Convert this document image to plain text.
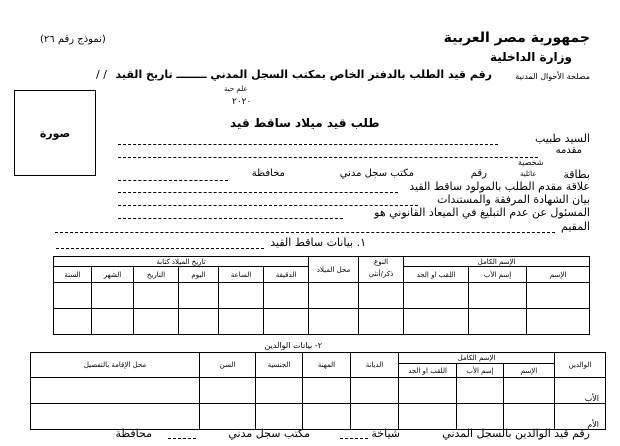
جمهورية مصر العربية
وزارة الداخلية
(نموذج رقم ٢٦)
مصلحة الأحوال المدنية
رقم قيد الطلب بالدفتر الخاص بمكتب السجل المدني ــــــــ تاريخ القيد
/ /
علم حية
٢٠٢٠
صورة
طلب قيد ميلاد ساقط قيد
السيد طبيب
مقدمه
شخصية
بطاقة
عائلية
رقم
مكتب سجل مدني
محافظة
علاقة مقدم الطلب بالمولود ساقط القيد
بيان الشهادة المرفقة والمستندات
المسئول عن عدم التبليغ في الميعاد القانوني هو
المقيم
١. بيانات ساقط القيد
تاريخ الميلاد كتابة						محل الميلاد	النوع	الإسم الكامل		
السنة	الشهر	التاريخ	اليوم	الساعة	الدقيقة		ذكر/أنثى	اللقب او الجد	إسم الأب	الإسم

٢- بيانات الوالدين
محل الإقامة بالتفصيل	السن	الجنسية	المهنة	الديانة	الإسم الكامل			الوالدين
					اللقب او الجد	إسم الأب	الإسم	
								الأب
								الأم
رقم قيد الوالدين بالسجل المدني
شياخة
مكتب سجل مدني
محافظة
